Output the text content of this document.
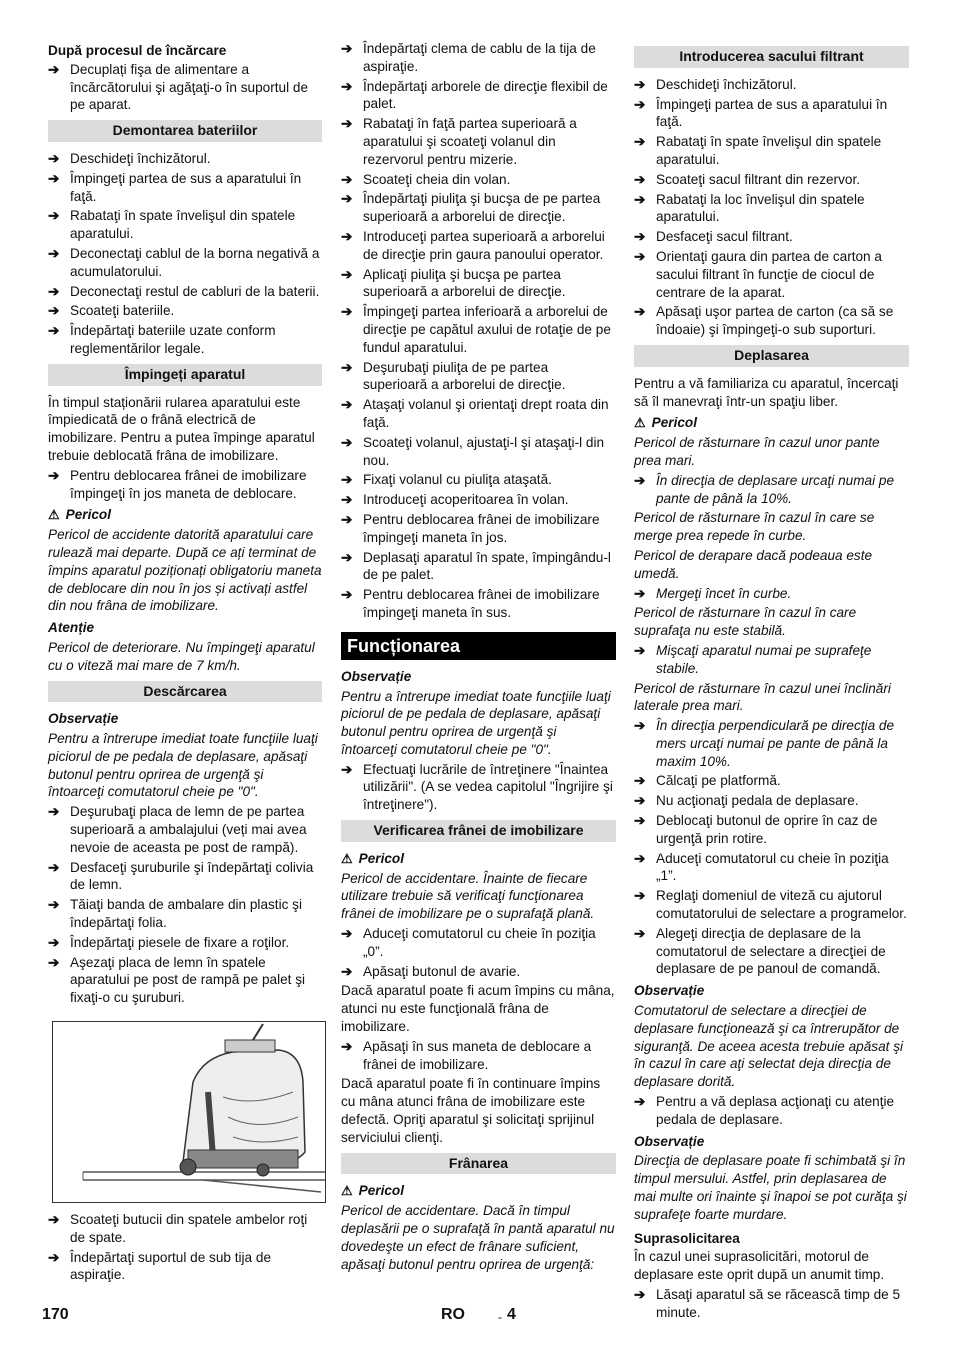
După procesul de încărcare
➔ Decuplați fişa de alimentare a încărcătorului şi agăţaţi-o în suportul de pe aparat.
Demontarea bateriilor
➔ Deschideţi închizătorul.
➔ Împingeţi partea de sus a aparatului în faţă.
➔ Rabataţi în spate învelişul din spatele aparatului.
➔ Deconectaţi cablul de la borna negativă a acumulatorului.
➔ Deconectaţi restul de cabluri de la baterii.
➔ Scoateţi bateriile.
➔ Îndepărtaţi bateriile uzate conform reglementărilor legale.
Împingeți aparatul

În timpul staționării rularea aparatului este împiedicată de o frână electrică de imobilizare. Pentru a putea împinge aparatul trebuie deblocată frâna de imobilizare.

➔ Pentru deblocarea frânei de imobilizare împingeţi în jos maneta de deblocare.
⚠ Pericol

Pericol de accidente datorită aparatului care rulează mai departe. După ce ați terminat de împins aparatul poziționați obligatoriu maneta de deblocare din nou în jos și activați astfel din nou frâna de imobilizare.

Atenție

Pericol de deteriorare. Nu împingeţi aparatul cu o viteză mai mare de 7 km/h.

Descărcarea
Observație

Pentru a întrerupe imediat toate funcţiile luaţi piciorul de pe pedala de deplasare, apăsaţi butonul pentru oprirea de urgenţă şi întoarceţi comutatorul cheie pe "0".

➔ Deşurubaţi placa de lemn de pe partea superioară a ambalajului (veți mai avea nevoie de aceasta pe post de rampă).
➔ Desfaceţi şuruburile şi îndepărtaţi colivia de lemn.
➔ Tăiaţi banda de ambalare din plastic şi îndepărtaţi folia.
➔ Îndepărtaţi piesele de fixare a roţilor.
➔ Aşezaţi placa de lemn în spatele aparatului pe post de rampă pe palet şi fixaţi-o cu şuruburi.
➔ Scoateţi butucii din spatele ambelor roţi de spate.
➔ Îndepărtaţi suportul de sub tija de aspiraţie.
➔ Îndepărtaţi clema de cablu de la tija de aspiraţie.
➔ Îndepărtaţi arborele de direcţie flexibil de palet.
➔ Rabataţi în faţă partea superioară a aparatului şi scoateţi volanul din rezervorul pentru mizerie.
➔ Scoateţi cheia din volan.
➔ Îndepărtaţi piuliţa şi bucşa de pe partea superioară a arborelui de direcţie.
➔ Introduceţi partea superioară a arborelui de direcţie prin gaura panoului operator.
➔ Aplicaţi piuliţa şi bucşa pe partea superioară a arborelui de direcţie.
➔ Împingeţi partea inferioară a arborelui de direcţie pe capătul axului de rotaţie de pe fundul aparatului.
➔ Deşurubaţi piuliţa de pe partea superioară a arborelui de direcţie.
➔ Ataşaţi volanul şi orientaţi drept roata din faţă.
➔ Scoateţi volanul, ajustaţi-l şi ataşaţi-l din nou.
➔ Fixaţi volanul cu piuliţa ataşată.
➔ Introduceţi acoperitoarea în volan.
➔ Pentru deblocarea frânei de imobilizare împingeţi maneta în jos.
➔ Deplasaţi aparatul în spate, împingându-l de pe palet.
➔ Pentru deblocarea frânei de imobilizare împingeţi maneta în sus.
Funcționarea
Observație

Pentru a întrerupe imediat toate funcţiile luaţi piciorul de pe pedala de deplasare, apăsaţi butonul pentru oprirea de urgenţă şi întoarceţi comutatorul cheie pe "0".

➔ Efectuaţi lucrările de întreţinere "Înaintea utilizării". (A se vedea capitolul "Îngrijire şi întreţinere").
Verificarea frânei de imobilizare
⚠ Pericol

Pericol de accidentare. Înainte de fiecare utilizare trebuie să verificaţi funcţionarea frânei de imobilizare pe o suprafaţă plană.

➔ Aduceţi comutatorul cu cheie în poziţia „0”.
➔ Apăsaţi butonul de avarie.

Dacă aparatul poate fi acum împins cu mâna, atunci nu este funcţională frâna de imobilizare.

➔ Apăsaţi în sus maneta de deblocare a frânei de imobilizare.

Dacă aparatul poate fi în continuare împins cu mâna atunci frâna de imobilizare este defectă. Opriţi aparatul şi solicitaţi sprijinul serviciului clienţi.

Frânarea
⚠ Pericol

Pericol de accidentare. Dacă în timpul deplasării pe o suprafaţă în pantă aparatul nu dovedeşte un efect de frânare suficient, apăsaţi butonul pentru oprirea de urgenţă:

Introducerea sacului filtrant
➔ Deschideţi închizătorul.
➔ Împingeţi partea de sus a aparatului în faţă.
➔ Rabataţi în spate învelişul din spatele aparatului.
➔ Scoateţi sacul filtrant din rezervor.
➔ Rabataţi la loc învelişul din spatele aparatului.
➔ Desfaceţi sacul filtrant.
➔ Orientaţi gaura din partea de carton a sacului filtrant în funcţie de ciocul de centrare de la aparat.
➔ Apăsaţi uşor partea de carton (ca să se îndoaie) şi împingeţi-o sub suporturi.
Deplasarea

Pentru a vă familiariza cu aparatul, încercaţi să îl manevraţi într-un spaţiu liber.

⚠ Pericol

Pericol de răsturnare în cazul unor pante prea mari.

➔ În direcţia de deplasare urcaţi numai pe pante de până la 10%.

Pericol de răsturnare în cazul în care se merge prea repede în curbe.

Pericol de derapare dacă podeaua este umedă.

➔ Mergeţi încet în curbe.

Pericol de răsturnare în cazul în care suprafaţa nu este stabilă.

➔ Mişcaţi aparatul numai pe suprafeţe stabile.

Pericol de răsturnare în cazul unei înclinări laterale prea mari.

➔ În direcţia perpendiculară pe direcţia de mers urcaţi numai pe pante de până la maxim 10%.
➔ Călcaţi pe platformă.
➔ Nu acţionaţi pedala de deplasare.
➔ Deblocaţi butonul de oprire în caz de urgenţă prin rotire.
➔ Aduceţi comutatorul cu cheie în poziţia „1”.
➔ Reglaţi domeniul de viteză cu ajutorul comutatorului de selectare a programelor.
➔ Alegeţi direcţia de deplasare de la comutatorul de selectare a direcţiei de deplasare de pe panoul de comandă.
Observație

Comutatorul de selectare a direcţiei de deplasare funcţionează şi ca întrerupător de siguranţă. De aceea acesta trebuie apăsat şi în cazul în care aţi selectat deja direcţia de deplasare dorită.

➔ Pentru a vă deplasa acţionaţi cu atenţie pedala de deplasare.
Observație

Direcţia de deplasare poate fi schimbată şi în timpul mersului. Astfel, prin deplasarea de mai multe ori înainte şi înapoi se pot curăţa şi suprafeţe foarte murdare.

Suprasolicitarea

În cazul unei suprasolicitări, motorul de deplasare este oprit după un anumit timp.

➔ Lăsaţi aparatul să se răcească timp de 5 minute.
170	RO	- 4
